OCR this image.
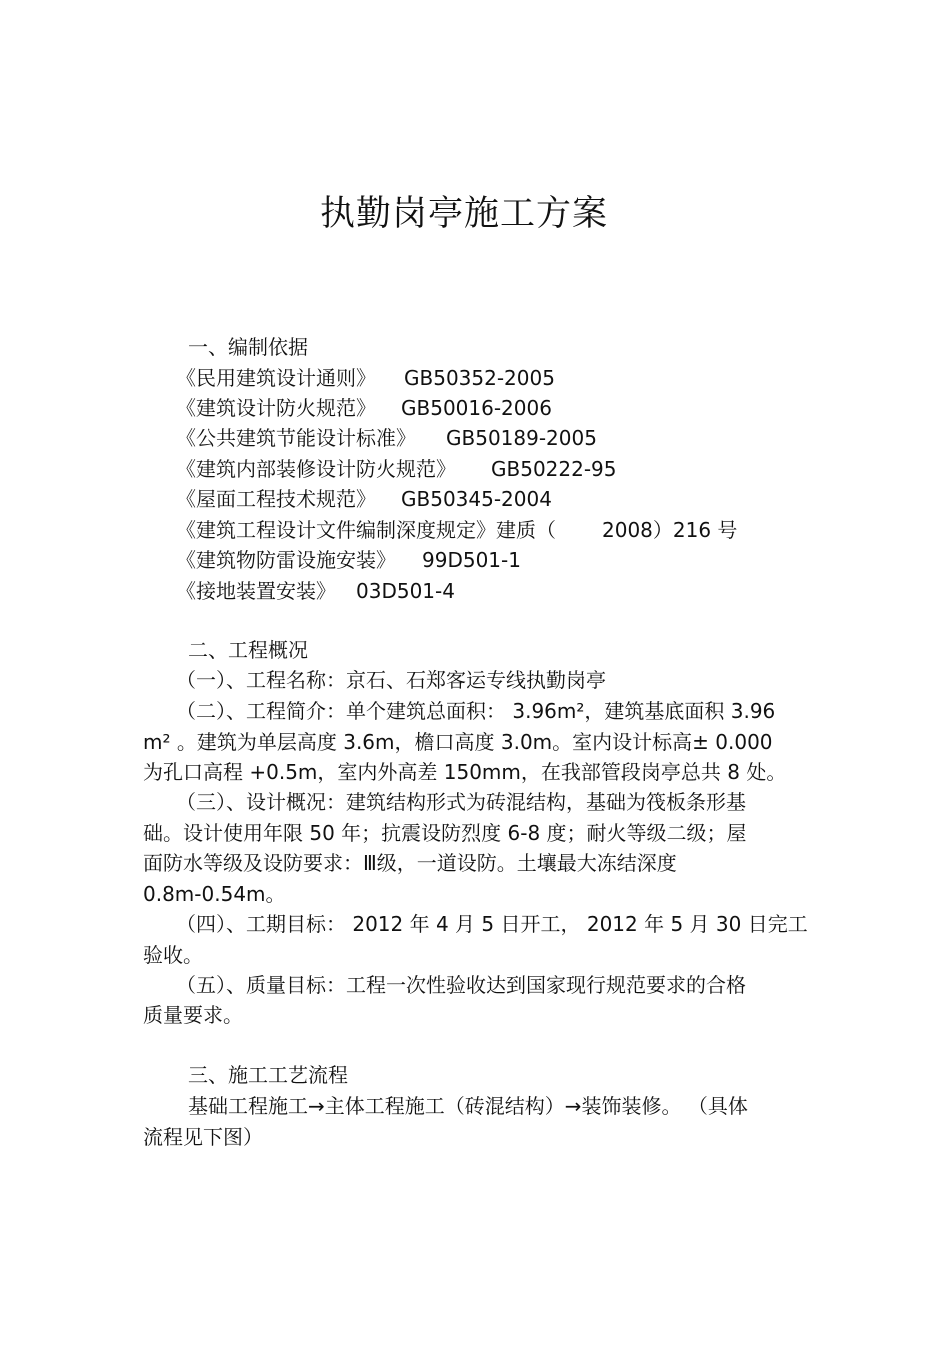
执勤岗亭施工方案
一、编制依据
《民用建筑设计通则》 GB50352-2005
《建筑设计防火规范》 GB50016-2006
《公共建筑节能设计标准》 GB50189-2005
《建筑内部装修设计防火规范》 GB50222-95
《屋面工程技术规范》 GB50345-2004
《建筑工程设计文件编制深度规定》建质（ 2008）216 号
《建筑物防雷设施安装》 99D501-1
《接地装置安装》 03D501-4
二、工程概况
（一）、工程名称：京石、石郑客运专线执勤岗亭
（二）、工程简介：单个建筑总面积： 3.96m²，建筑基底面积 3.96
m² 。建筑为单层高度 3.6m，檐口高度 3.0m。室内设计标高± 0.000
为孔口高程 +0.5m，室内外高差 150mm，在我部管段岗亭总共 8 处。
（三）、设计概况：建筑结构形式为砖混结构，基础为筏板条形基
础。设计使用年限 50 年；抗震设防烈度 6-8 度；耐火等级二级；屋
面防水等级及设防要求：Ⅲ级，一道设防。土壤最大冻结深度
0.8m-0.54m。
（四）、工期目标： 2012 年 4 月 5 日开工， 2012 年 5 月 30 日完工
验收。
（五）、质量目标：工程一次性验收达到国家现行规范要求的合格
质量要求。
三、施工工艺流程
基础工程施工→主体工程施工（砖混结构）→装饰装修。 （具体
流程见下图）
